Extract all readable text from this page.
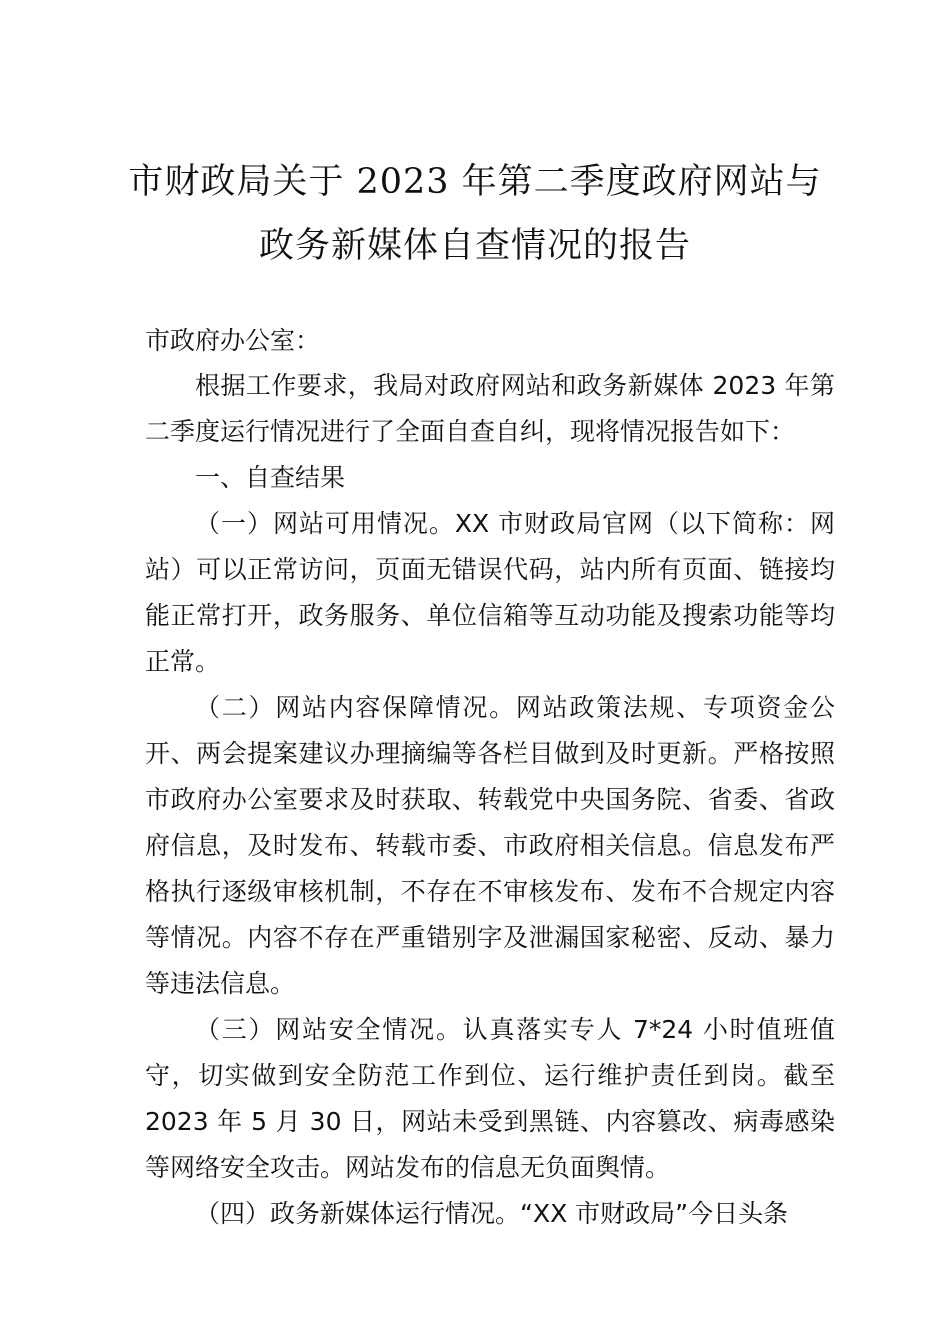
市财政局关于 2023 年第二季度政府网站与
政务新媒体自查情况的报告
市政府办公室：

根据工作要求，我局对政府网站和政务新媒体 2023 年第二季度运行情况进行了全面自查自纠，现将情况报告如下：

一、自查结果

（一）网站可用情况。XX 市财政局官网（以下简称：网站）可以正常访问，页面无错误代码，站内所有页面、链接均能正常打开，政务服务、单位信箱等互动功能及搜索功能等均正常。

（二）网站内容保障情况。网站政策法规、专项资金公开、两会提案建议办理摘编等各栏目做到及时更新。严格按照市政府办公室要求及时获取、转载党中央国务院、省委、省政府信息，及时发布、转载市委、市政府相关信息。信息发布严格执行逐级审核机制，不存在不审核发布、发布不合规定内容等情况。内容不存在严重错别字及泄漏国家秘密、反动、暴力等违法信息。

（三）网站安全情况。认真落实专人 7*24 小时值班值守，切实做到安全防范工作到位、运行维护责任到岗。截至 2023 年 5 月 30 日，网站未受到黑链、内容篡改、病毒感染等网络安全攻击。网站发布的信息无负面舆情。

（四）政务新媒体运行情况。“XX 市财政局”今日头条
